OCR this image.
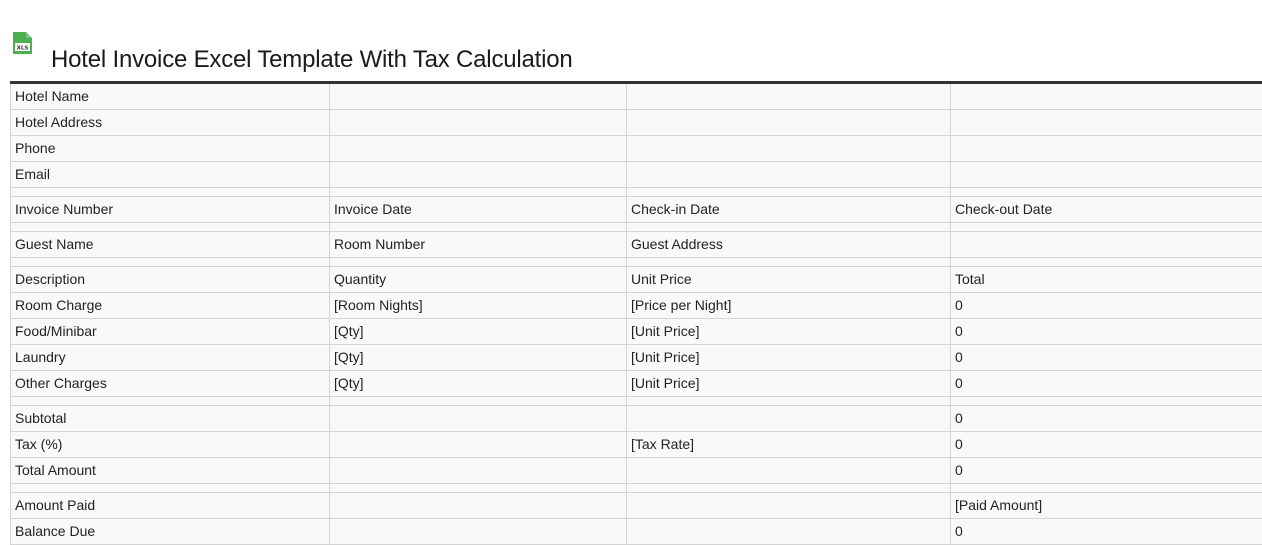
XLS Hotel Invoice Excel Template With Tax Calculation
Hotel Name			
Hotel Address			
Phone			
Email			

Invoice Number	Invoice Date	Check-in Date	Check-out Date

Guest Name	Room Number	Guest Address	

Description	Quantity	Unit Price	Total
Room Charge	[Room Nights]	[Price per Night]	0
Food/Minibar	[Qty]	[Unit Price]	0
Laundry	[Qty]	[Unit Price]	0
Other Charges	[Qty]	[Unit Price]	0

Subtotal			0
Tax (%)		[Tax Rate]	0
Total Amount			0

Amount Paid			[Paid Amount]
Balance Due			0
